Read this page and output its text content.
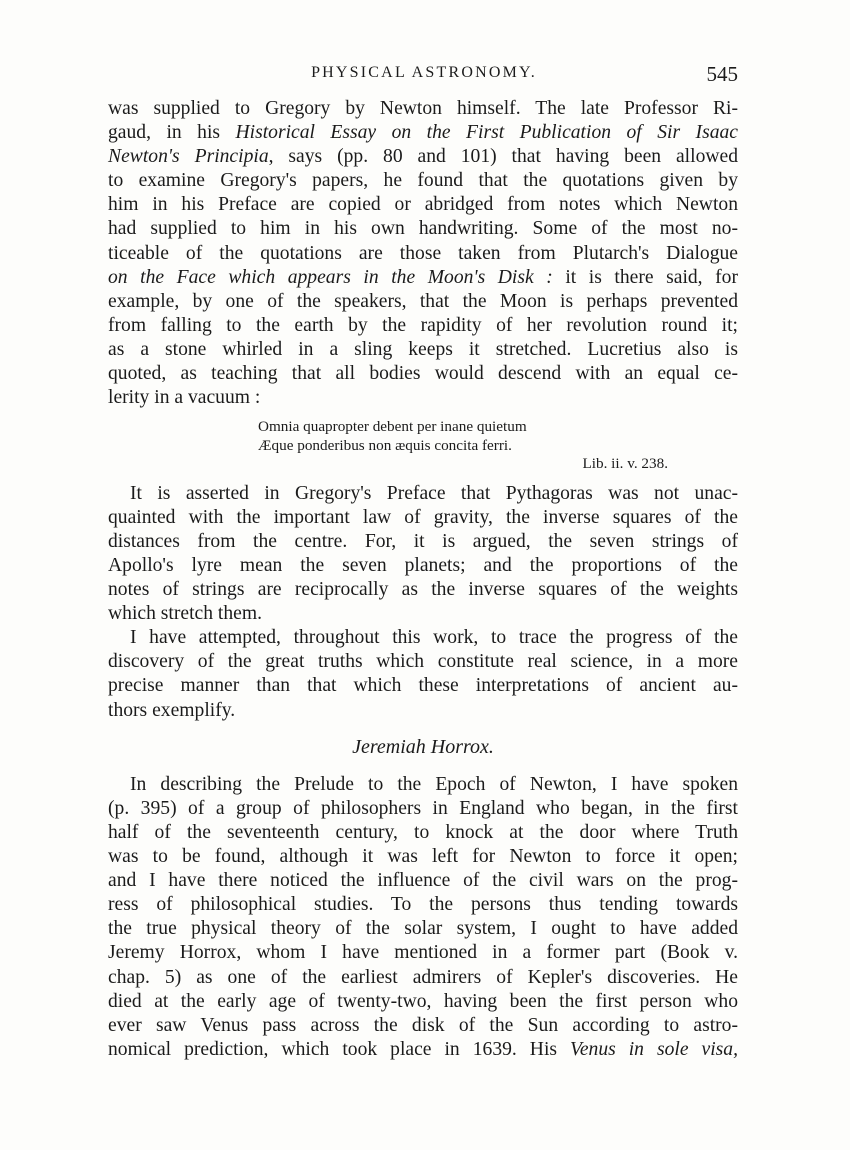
PHYSICAL ASTRONOMY.	545

was supplied to Gregory by Newton himself. The late Professor Ri-
gaud, in his Historical Essay on the First Publication of Sir Isaac
Newton's Principia, says (pp. 80 and 101) that having been allowed
to examine Gregory's papers, he found that the quotations given by
him in his Preface are copied or abridged from notes which Newton
had supplied to him in his own handwriting. Some of the most no-
ticeable of the quotations are those taken from Plutarch's Dialogue
on the Face which appears in the Moon's Disk : it is there said, for
example, by one of the speakers, that the Moon is perhaps prevented
from falling to the earth by the rapidity of her revolution round it;
as a stone whirled in a sling keeps it stretched. Lucretius also is
quoted, as teaching that all bodies would descend with an equal ce-
lerity in a vacuum :

Omnia quapropter debent per inane quietum
Æque ponderibus non æquis concita ferri.
Lib. ii. v. 238.

It is asserted in Gregory's Preface that Pythagoras was not unac-
quainted with the important law of gravity, the inverse squares of the
distances from the centre. For, it is argued, the seven strings of
Apollo's lyre mean the seven planets; and the proportions of the
notes of strings are reciprocally as the inverse squares of the weights
which stretch them.

I have attempted, throughout this work, to trace the progress of the
discovery of the great truths which constitute real science, in a more
precise manner than that which these interpretations of ancient au-
thors exemplify.

Jeremiah Horrox.

In describing the Prelude to the Epoch of Newton, I have spoken
(p. 395) of a group of philosophers in England who began, in the first
half of the seventeenth century, to knock at the door where Truth
was to be found, although it was left for Newton to force it open;
and I have there noticed the influence of the civil wars on the prog-
ress of philosophical studies. To the persons thus tending towards
the true physical theory of the solar system, I ought to have added
Jeremy Horrox, whom I have mentioned in a former part (Book v.
chap. 5) as one of the earliest admirers of Kepler's discoveries. He
died at the early age of twenty-two, having been the first person who
ever saw Venus pass across the disk of the Sun according to astro-
nomical prediction, which took place in 1639. His Venus in sole visa,
